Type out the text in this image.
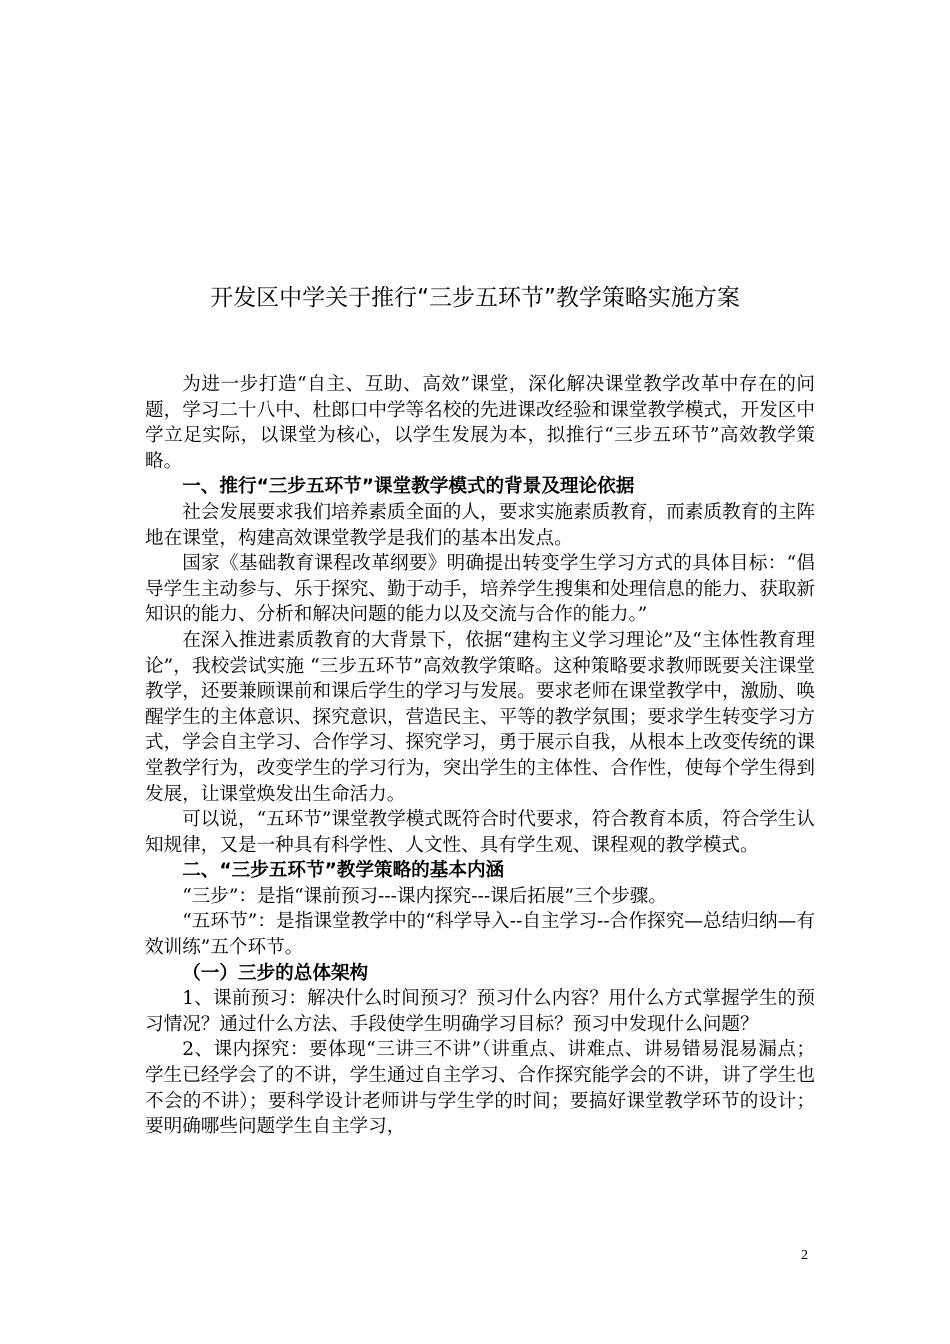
开发区中学关于推行“三步五环节”教学策略实施方案

为进一步打造“自主、互助、高效”课堂，深化解决课堂教学改革中存在的问题，学习二十八中、杜郎口中学等名校的先进课改经验和课堂教学模式，开发区中学立足实际，以课堂为核心，以学生发展为本，拟推行“三步五环节”高效教学策略。

一、推行“三步五环节”课堂教学模式的背景及理论依据

社会发展要求我们培养素质全面的人，要求实施素质教育，而素质教育的主阵地在课堂，构建高效课堂教学是我们的基本出发点。

国家《基础教育课程改革纲要》明确提出转变学生学习方式的具体目标：“倡导学生主动参与、乐于探究、勤于动手，培养学生搜集和处理信息的能力、获取新知识的能力、分析和解决问题的能力以及交流与合作的能力。”

在深入推进素质教育的大背景下，依据“建构主义学习理论”及“主体性教育理论”，我校尝试实施 “三步五环节”高效教学策略。这种策略要求教师既要关注课堂教学，还要兼顾课前和课后学生的学习与发展。要求老师在课堂教学中，激励、唤醒学生的主体意识、探究意识，营造民主、平等的教学氛围；要求学生转变学习方式，学会自主学习、合作学习、探究学习，勇于展示自我，从根本上改变传统的课堂教学行为，改变学生的学习行为，突出学生的主体性、合作性，使每个学生得到发展，让课堂焕发出生命活力。

可以说，“五环节”课堂教学模式既符合时代要求，符合教育本质，符合学生认知规律，又是一种具有科学性、人文性、具有学生观、课程观的教学模式。

二、“三步五环节”教学策略的基本内涵

“三步”：是指“课前预习---课内探究---课后拓展”三个步骤。

“五环节”：是指课堂教学中的“科学导入--自主学习--合作探究—总结归纳—有效训练”五个环节。

（一）三步的总体架构

1、课前预习：解决什么时间预习？预习什么内容？用什么方式掌握学生的预习情况？通过什么方法、手段使学生明确学习目标？预习中发现什么问题？

2、课内探究：要体现“三讲三不讲”（讲重点、讲难点、讲易错易混易漏点；学生已经学会了的不讲，学生通过自主学习、合作探究能学会的不讲，讲了学生也不会的不讲）；要科学设计老师讲与学生学的时间；要搞好课堂教学环节的设计；要明确哪些问题学生自主学习，

2
